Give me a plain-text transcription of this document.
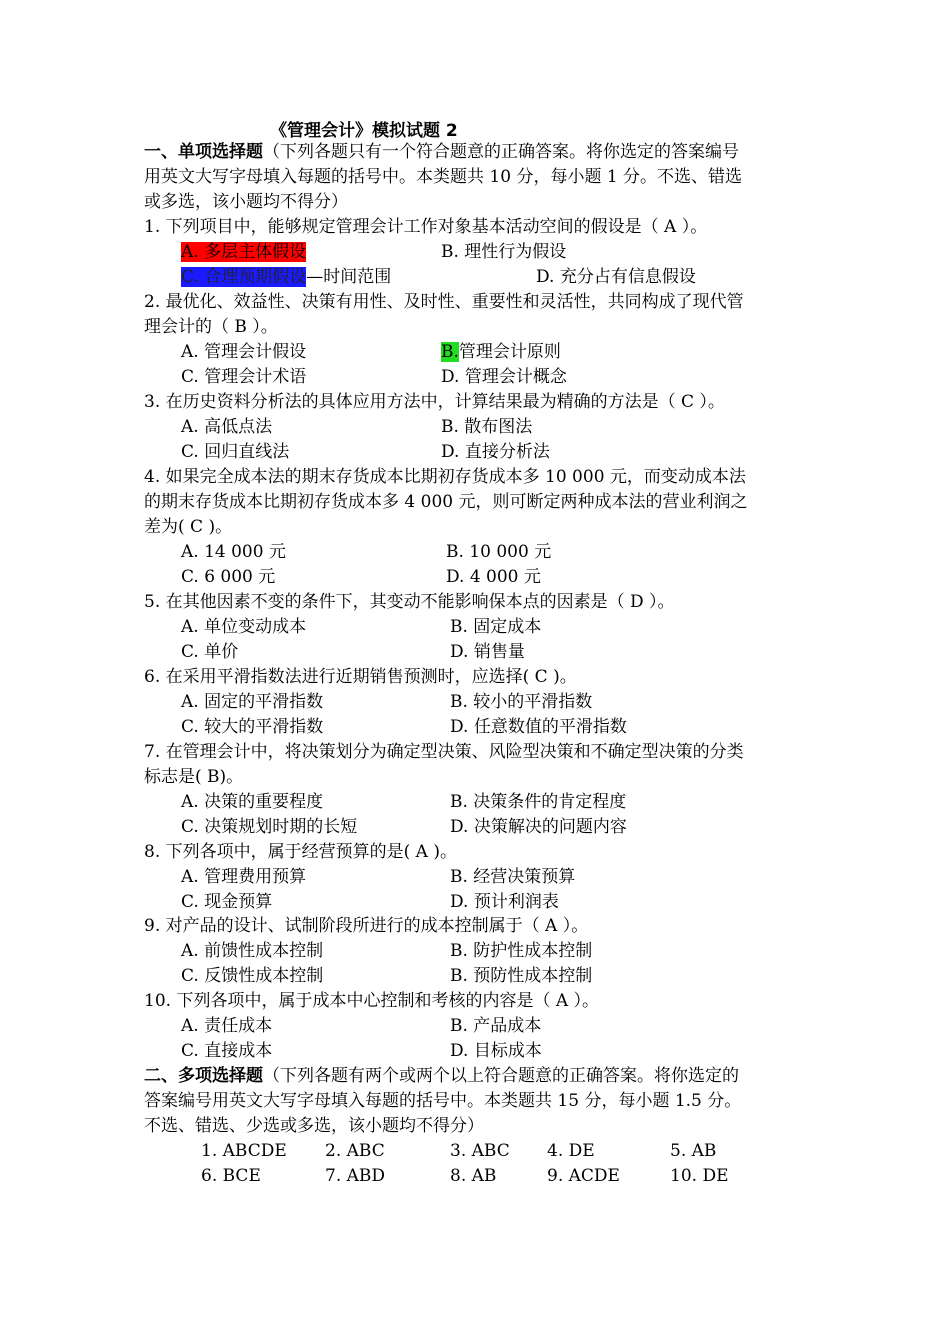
《管理会计》模拟试题 2
一、单项选择题（下列各题只有一个符合题意的正确答案。将你选定的答案编号
用英文大写字母填入每题的括号中。本类题共 10 分，每小题 1 分。不选、错选
或多选，该小题均不得分）
1. 下列项目中，能够规定管理会计工作对象基本活动空间的假设是（ A ）。
A. 多层主体假设	B. 理性行为假设
C. 合理预期假设—时间范围	D. 充分占有信息假设
2. 最优化、效益性、决策有用性、及时性、重要性和灵活性，共同构成了现代管
理会计的（ B ）。
A. 管理会计假设	B.管理会计原则
C. 管理会计术语	D. 管理会计概念
3. 在历史资料分析法的具体应用方法中，计算结果最为精确的方法是（ C ）。
A. 高低点法	B. 散布图法
C. 回归直线法	D. 直接分析法
4. 如果完全成本法的期末存货成本比期初存货成本多 10 000 元，而变动成本法
的期末存货成本比期初存货成本多 4 000 元，则可断定两种成本法的营业利润之
差为( C )。
A. 14 000 元	B. 10 000 元
C. 6 000 元	D. 4 000 元
5. 在其他因素不变的条件下，其变动不能影响保本点的因素是（ D ）。
A. 单位变动成本	B. 固定成本
C. 单价	D. 销售量
6. 在采用平滑指数法进行近期销售预测时，应选择( C )。
A. 固定的平滑指数	B. 较小的平滑指数
C. 较大的平滑指数	D. 任意数值的平滑指数
7. 在管理会计中，将决策划分为确定型决策、风险型决策和不确定型决策的分类
标志是( B)。
A. 决策的重要程度	B. 决策条件的肯定程度
C. 决策规划时期的长短	D. 决策解决的问题内容
8. 下列各项中，属于经营预算的是( A )。
A. 管理费用预算	B. 经营决策预算
C. 现金预算	D. 预计利润表
9. 对产品的设计、试制阶段所进行的成本控制属于（ A ）。
A. 前馈性成本控制	B. 防护性成本控制
C. 反馈性成本控制	B. 预防性成本控制
10. 下列各项中，属于成本中心控制和考核的内容是（ A ）。
A. 责任成本	B. 产品成本
C. 直接成本	D. 目标成本
二、多项选择题（下列各题有两个或两个以上符合题意的正确答案。将你选定的
答案编号用英文大写字母填入每题的括号中。本类题共 15 分，每小题 1.5 分。
不选、错选、少选或多选，该小题均不得分）
1. ABCDE 2. ABC	3. ABC 4. DE	5. AB
6. BCE	7. ABD	8. AB	9. ACDE	10. DE
